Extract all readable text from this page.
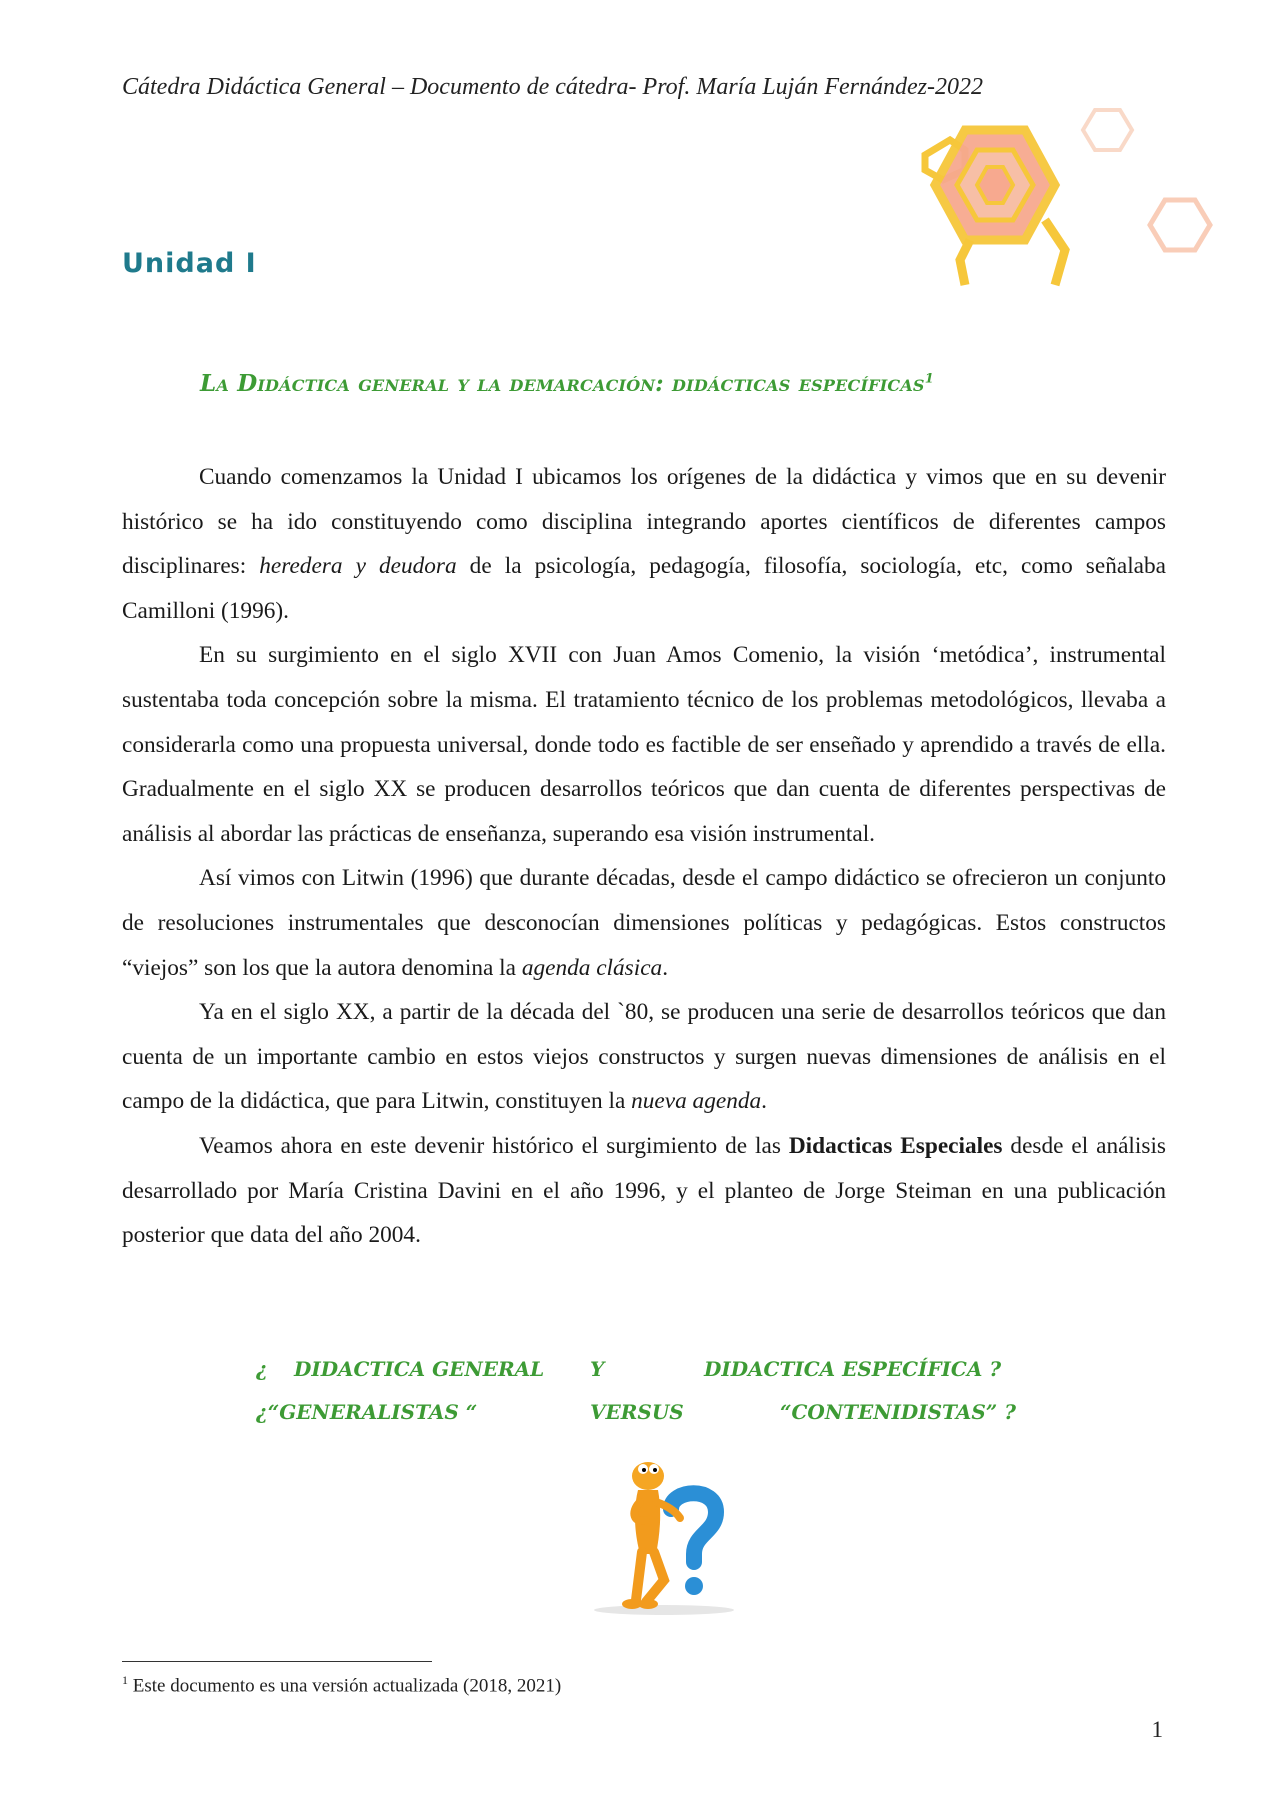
Cátedra Didáctica General – Documento de cátedra- Prof. María Luján Fernández-2022
Unidad I
La Didáctica general y la demarcación: didácticas específicas$^1$

Cuando comenzamos la Unidad I ubicamos los orígenes de la didáctica y vimos que en su devenir histórico se ha ido constituyendo como disciplina integrando aportes científicos de diferentes campos disciplinares: heredera y deudora de la psicología, pedagogía, filosofía, sociología, etc, como señalaba Camilloni (1996).

En su surgimiento en el siglo XVII con Juan Amos Comenio, la visión ‘metódica’, instrumental sustentaba toda concepción sobre la misma. El tratamiento técnico de los problemas metodológicos, llevaba a considerarla como una propuesta universal, donde todo es factible de ser enseñado y aprendido a través de ella. Gradualmente en el siglo XX se producen desarrollos teóricos que dan cuenta de diferentes perspectivas de análisis al abordar las prácticas de enseñanza, superando esa visión instrumental.

Así vimos con Litwin (1996) que durante décadas, desde el campo didáctico se ofrecieron un conjunto de resoluciones instrumentales que desconocían dimensiones políticas y pedagógicas. Estos constructos “viejos” son los que la autora denomina la agenda clásica.

Ya en el siglo XX, a partir de la década del `80, se producen una serie de desarrollos teóricos que dan cuenta de un importante cambio en estos viejos constructos y surgen nuevas dimensiones de análisis en el campo de la didáctica, que para Litwin, constituyen la nueva agenda.

Veamos ahora en este devenir histórico el surgimiento de las Didacticas Especiales desde el análisis desarrollado por María Cristina Davini en el año 1996, y el planteo de Jorge Steiman en una publicación posterior que data del año 2004.

¿ DIDACTICA GENERAL Y	DIDACTICA ESPECÍFICA ?
¿“GENERALISTAS “	VERSUS	“CONTENIDISTAS” ?
$^1$ Este documento es una versión actualizada (2018, 2021)
1
